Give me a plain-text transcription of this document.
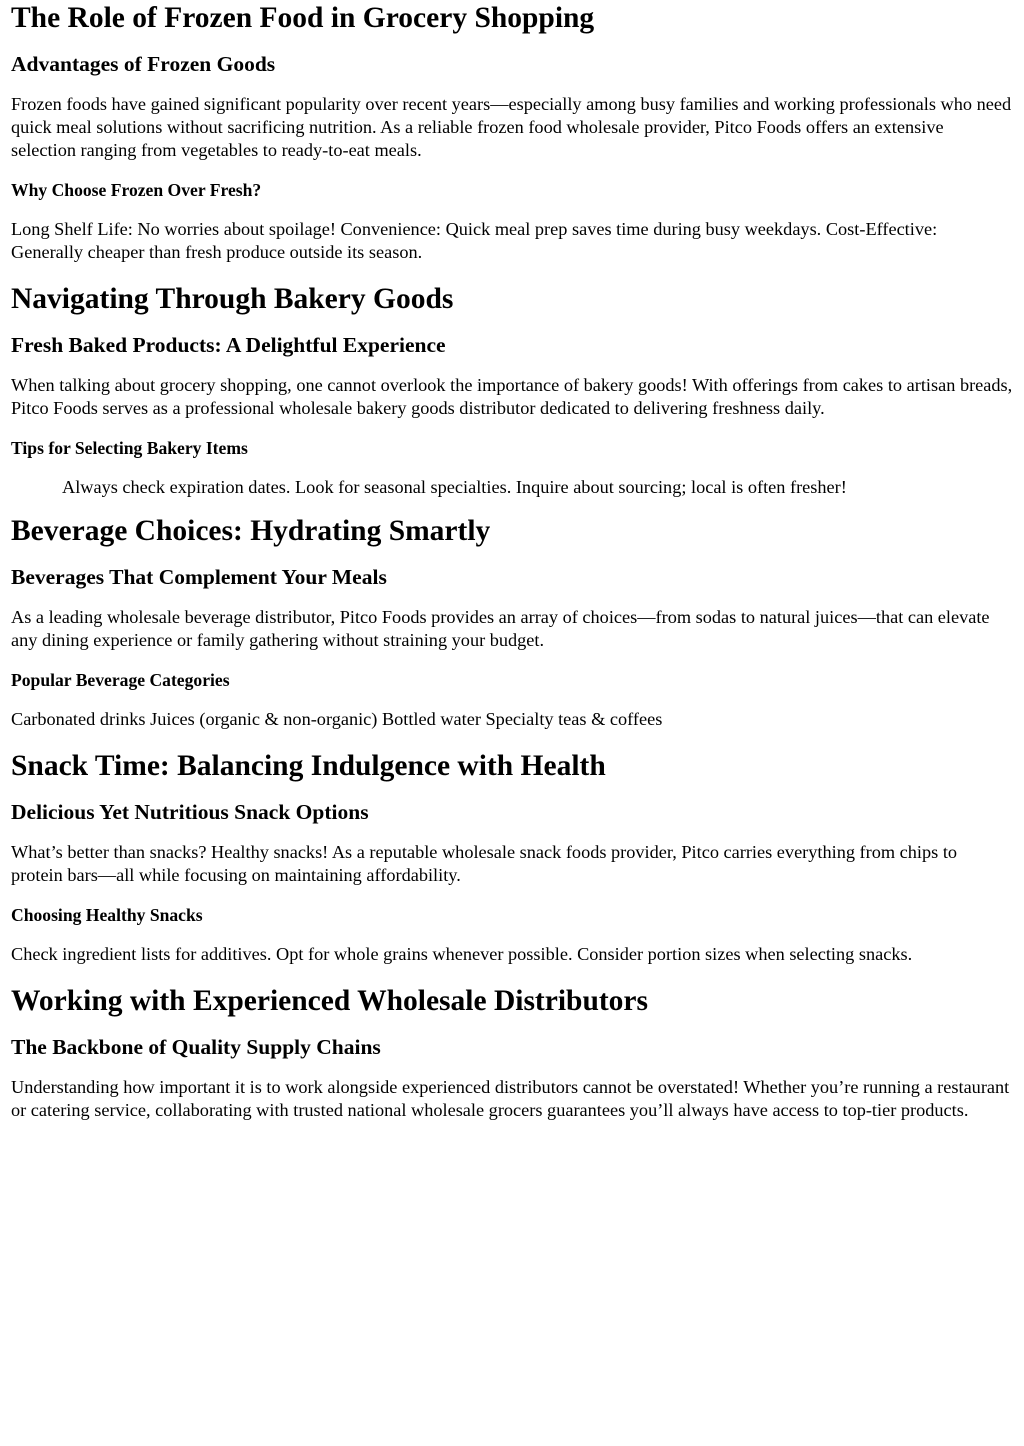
The Role of Frozen Food in Grocery Shopping
Advantages of Frozen Goods

Frozen foods have gained significant popularity over recent years—especially among busy families and working professionals who need quick meal solutions without sacrificing nutrition. As a reliable frozen food wholesale provider, Pitco Foods offers an extensive selection ranging from vegetables to ready-to-eat meals.

Why Choose Frozen Over Fresh?

Long Shelf Life: No worries about spoilage! Convenience: Quick meal prep saves time during busy weekdays. Cost-Effective: Generally cheaper than fresh produce outside its season.

Navigating Through Bakery Goods
Fresh Baked Products: A Delightful Experience

When talking about grocery shopping, one cannot overlook the importance of bakery goods! With offerings from cakes to artisan breads, Pitco Foods serves as a professional wholesale bakery goods distributor dedicated to delivering freshness daily.

Tips for Selecting Bakery Items
Always check expiration dates. Look for seasonal specialties. Inquire about sourcing; local is often fresher!
Beverage Choices: Hydrating Smartly
Beverages That Complement Your Meals

As a leading wholesale beverage distributor, Pitco Foods provides an array of choices—from sodas to natural juices—that can elevate any dining experience or family gathering without straining your budget.

Popular Beverage Categories

Carbonated drinks Juices (organic & non-organic) Bottled water Specialty teas & coffees

Snack Time: Balancing Indulgence with Health
Delicious Yet Nutritious Snack Options

What’s better than snacks? Healthy snacks! As a reputable wholesale snack foods provider, Pitco carries everything from chips to protein bars—all while focusing on maintaining affordability.

Choosing Healthy Snacks

Check ingredient lists for additives. Opt for whole grains whenever possible. Consider portion sizes when selecting snacks.

Working with Experienced Wholesale Distributors
The Backbone of Quality Supply Chains

Understanding how important it is to work alongside experienced distributors cannot be overstated! Whether you’re running a restaurant or catering service, collaborating with trusted national wholesale grocers guarantees you’ll always have access to top-tier products.
